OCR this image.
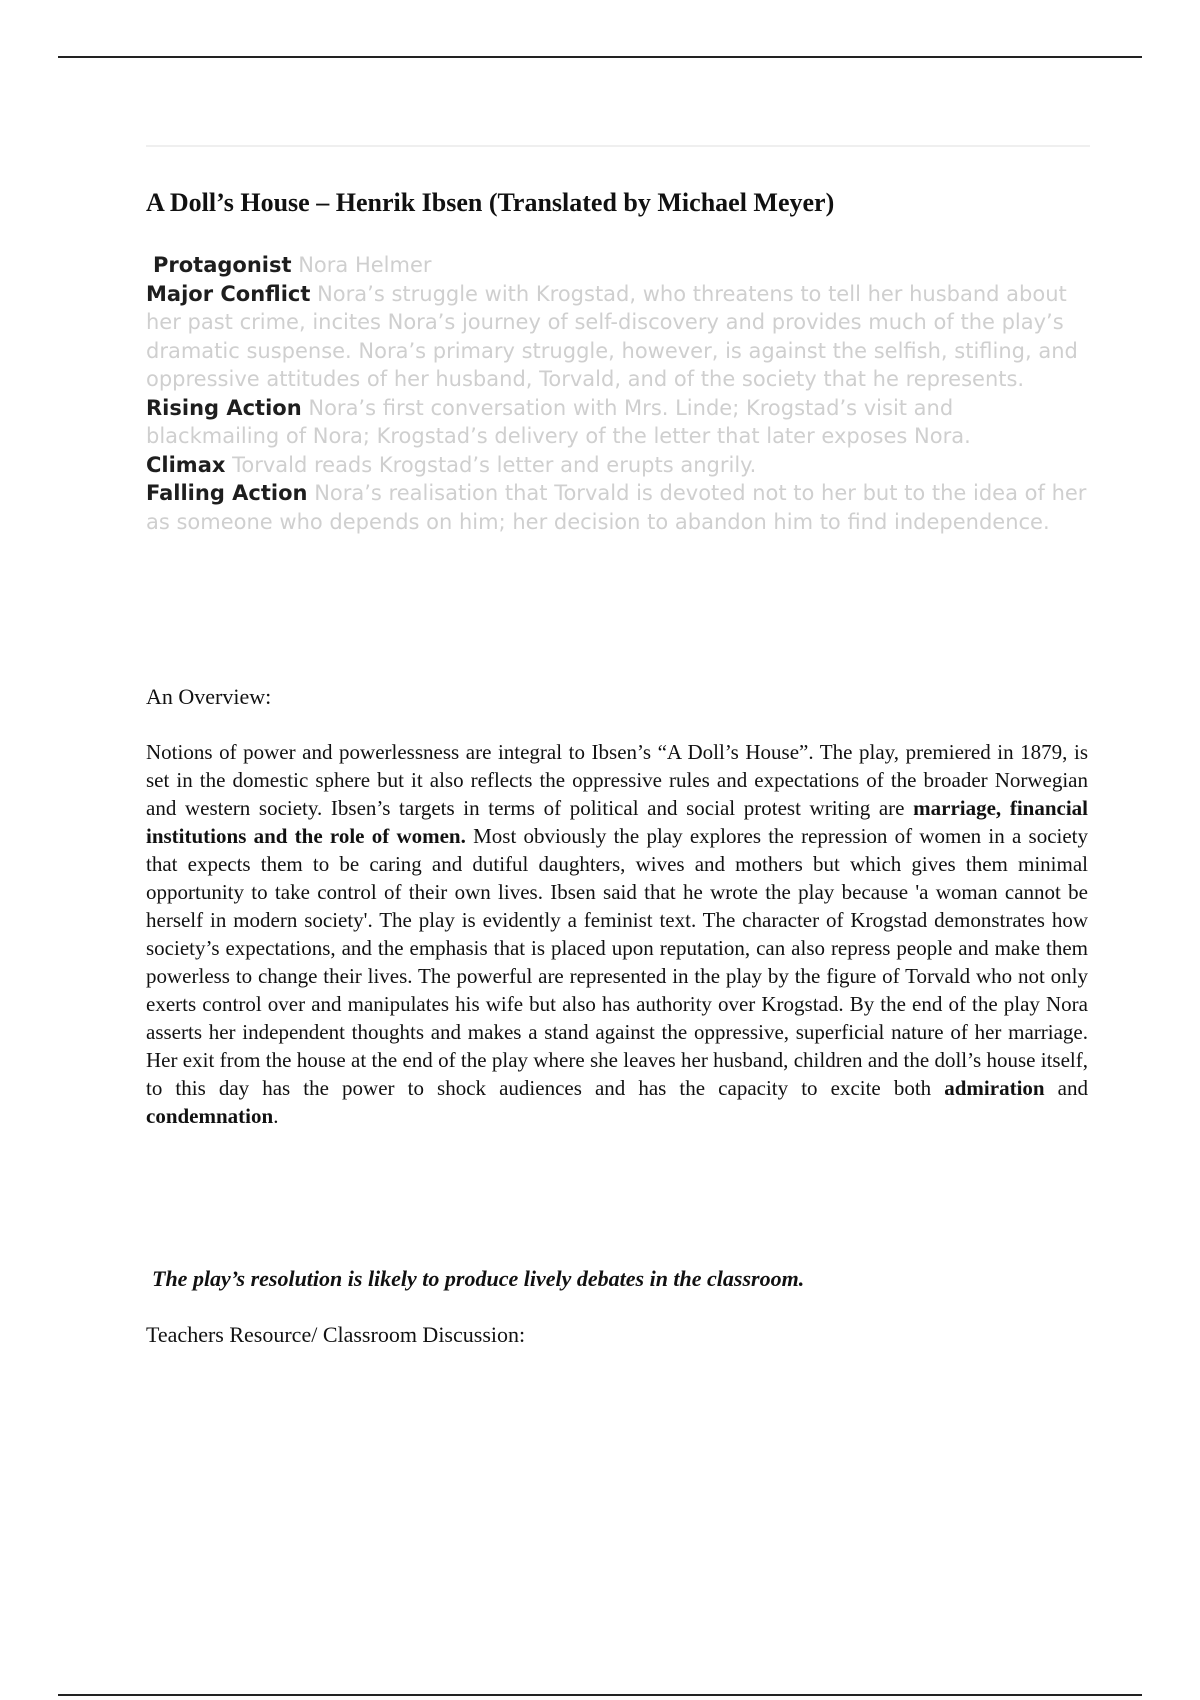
A Doll’s House – Henrik Ibsen (Translated by Michael Meyer)

Protagonist Nora Helmer

Major Conflict Nora’s struggle with Krogstad, who threatens to tell her husband about her past crime, incites Nora’s journey of self-discovery and provides much of the play’s dramatic suspense. Nora’s primary struggle, however, is against the selfish, stifling, and oppressive attitudes of her husband, Torvald, and of the society that he represents.

Rising Action Nora’s first conversation with Mrs. Linde; Krogstad’s visit and blackmailing of Nora; Krogstad’s delivery of the letter that later exposes Nora.

Climax Torvald reads Krogstad’s letter and erupts angrily.

Falling Action Nora’s realisation that Torvald is devoted not to her but to the idea of her as someone who depends on him; her decision to abandon him to find independence.

An Overview:

Notions of power and powerlessness are integral to Ibsen’s “A Doll’s House”. The play, premiered in 1879, is set in the domestic sphere but it also reflects the oppressive rules and expectations of the broader Norwegian and western society. Ibsen’s targets in terms of political and social protest writing are marriage, financial institutions and the role of women. Most obviously the play explores the repression of women in a society that expects them to be caring and dutiful daughters, wives and mothers but which gives them minimal opportunity to take control of their own lives. Ibsen said that he wrote the play because 'a woman cannot be herself in modern society'. The play is evidently a feminist text. The character of Krogstad demonstrates how society’s expectations, and the emphasis that is placed upon reputation, can also repress people and make them powerless to change their lives. The powerful are represented in the play by the figure of Torvald who not only exerts control over and manipulates his wife but also has authority over Krogstad. By the end of the play Nora asserts her independent thoughts and makes a stand against the oppressive, superficial nature of her marriage. Her exit from the house at the end of the play where she leaves her husband, children and the doll’s house itself, to this day has the power to shock audiences and has the capacity to excite both admiration and condemnation.

The play’s resolution is likely to produce lively debates in the classroom.

Teachers Resource/ Classroom Discussion:
